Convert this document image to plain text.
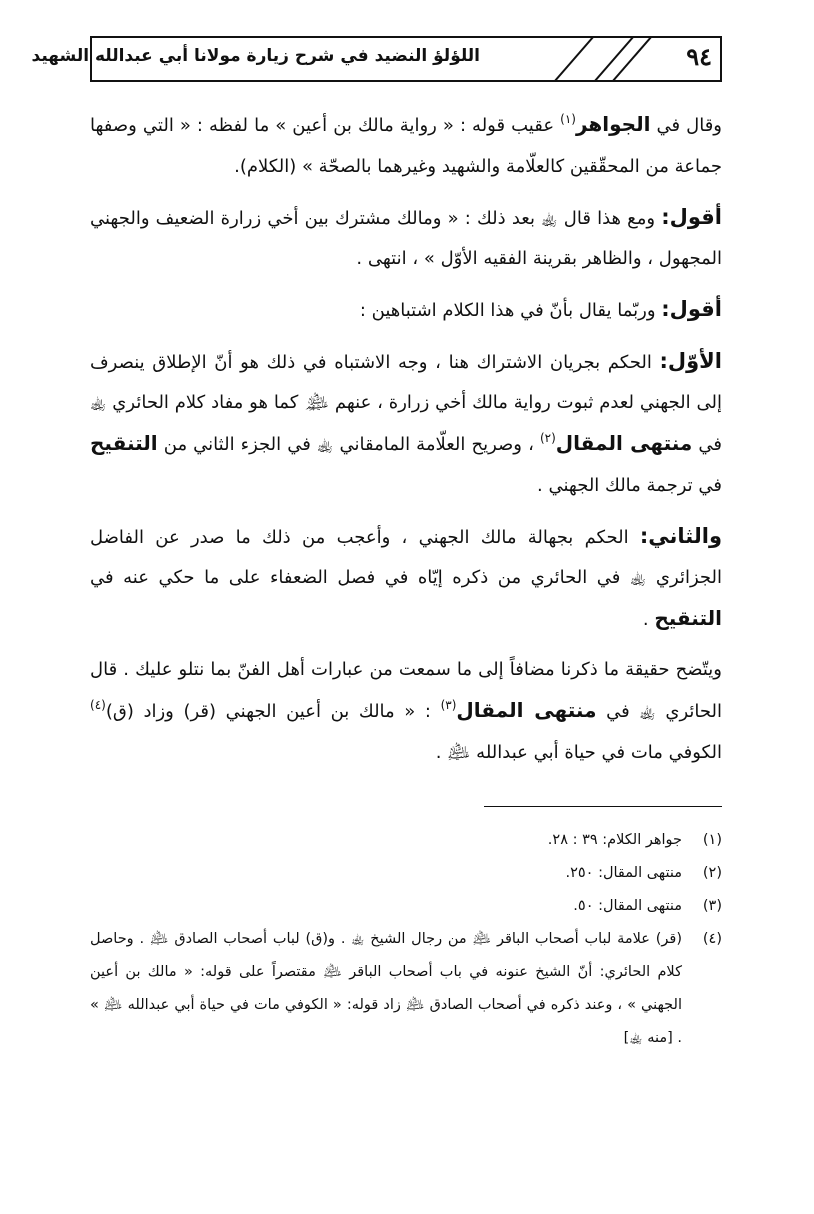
٩٤
اللؤلؤ النضيد في شرح زيارة مولانا أبي عبدالله الشهيد

وقال في الجواهر$^{(١)}$ عقيب قوله : « رواية مالك بن أعين » ما لفظه : « التي وصفها جماعة من المحقّقين كالعلّامة والشهيد وغيرهما بالصحّة » (الكلام).

أقول: ومع هذا قال ﵀ بعد ذلك : « ومالك مشترك بين أخي زرارة الضعيف والجهني المجهول ، والظاهر بقرينة الفقيه الأوّل » ، انتهى .

أقول: وربّما يقال بأنّ في هذا الكلام اشتباهين :

الأوّل: الحكم بجريان الاشتراك هنا ، وجه الاشتباه في ذلك هو أنّ الإطلاق ينصرف إلى الجهني لعدم ثبوت رواية مالك أخي زرارة ، عنهم ﵈ كما هو مفاد كلام الحائري ﵀ في منتهى المقال$^{(٢)}$ ، وصريح العلّامة المامقاني ﵀ في الجزء الثاني من التنقيح في ترجمة مالك الجهني .

والثاني: الحكم بجهالة مالك الجهني ، وأعجب من ذلك ما صدر عن الفاضل الجزائري ﵀ في الحائري من ذكره إيّاه في فصل الضعفاء على ما حكي عنه في التنقيح .

ويتّضح حقيقة ما ذكرنا مضافاً إلى ما سمعت من عبارات أهل الفنّ بما نتلو عليك . قال الحائري ﵀ في منتهى المقال$^{(٣)}$ : « مالك بن أعين الجهني (قر) وزاد (ق)$^{(٤)}$ الكوفي مات في حياة أبي عبدالله ﵇ .

(١)
جواهر الكلام: ٣٩ : ٢٨.
(٢)
منتهى المقال: ٢٥٠.
(٣)
منتهى المقال: ٥٠.
(٤)
(قر) علامة لباب أصحاب الباقر ﵇ من رجال الشيخ ﵀ . و(ق) لباب أصحاب الصادق ﵇ . وحاصل كلام الحائري: أنّ الشيخ عنونه في باب أصحاب الباقر ﵇ مقتصراً على قوله: « مالك بن أعين الجهني » ، وعند ذكره في أصحاب الصادق ﵇ زاد قوله: « الكوفي مات في حياة أبي عبدالله ﵇ » . [منه ﵀]
